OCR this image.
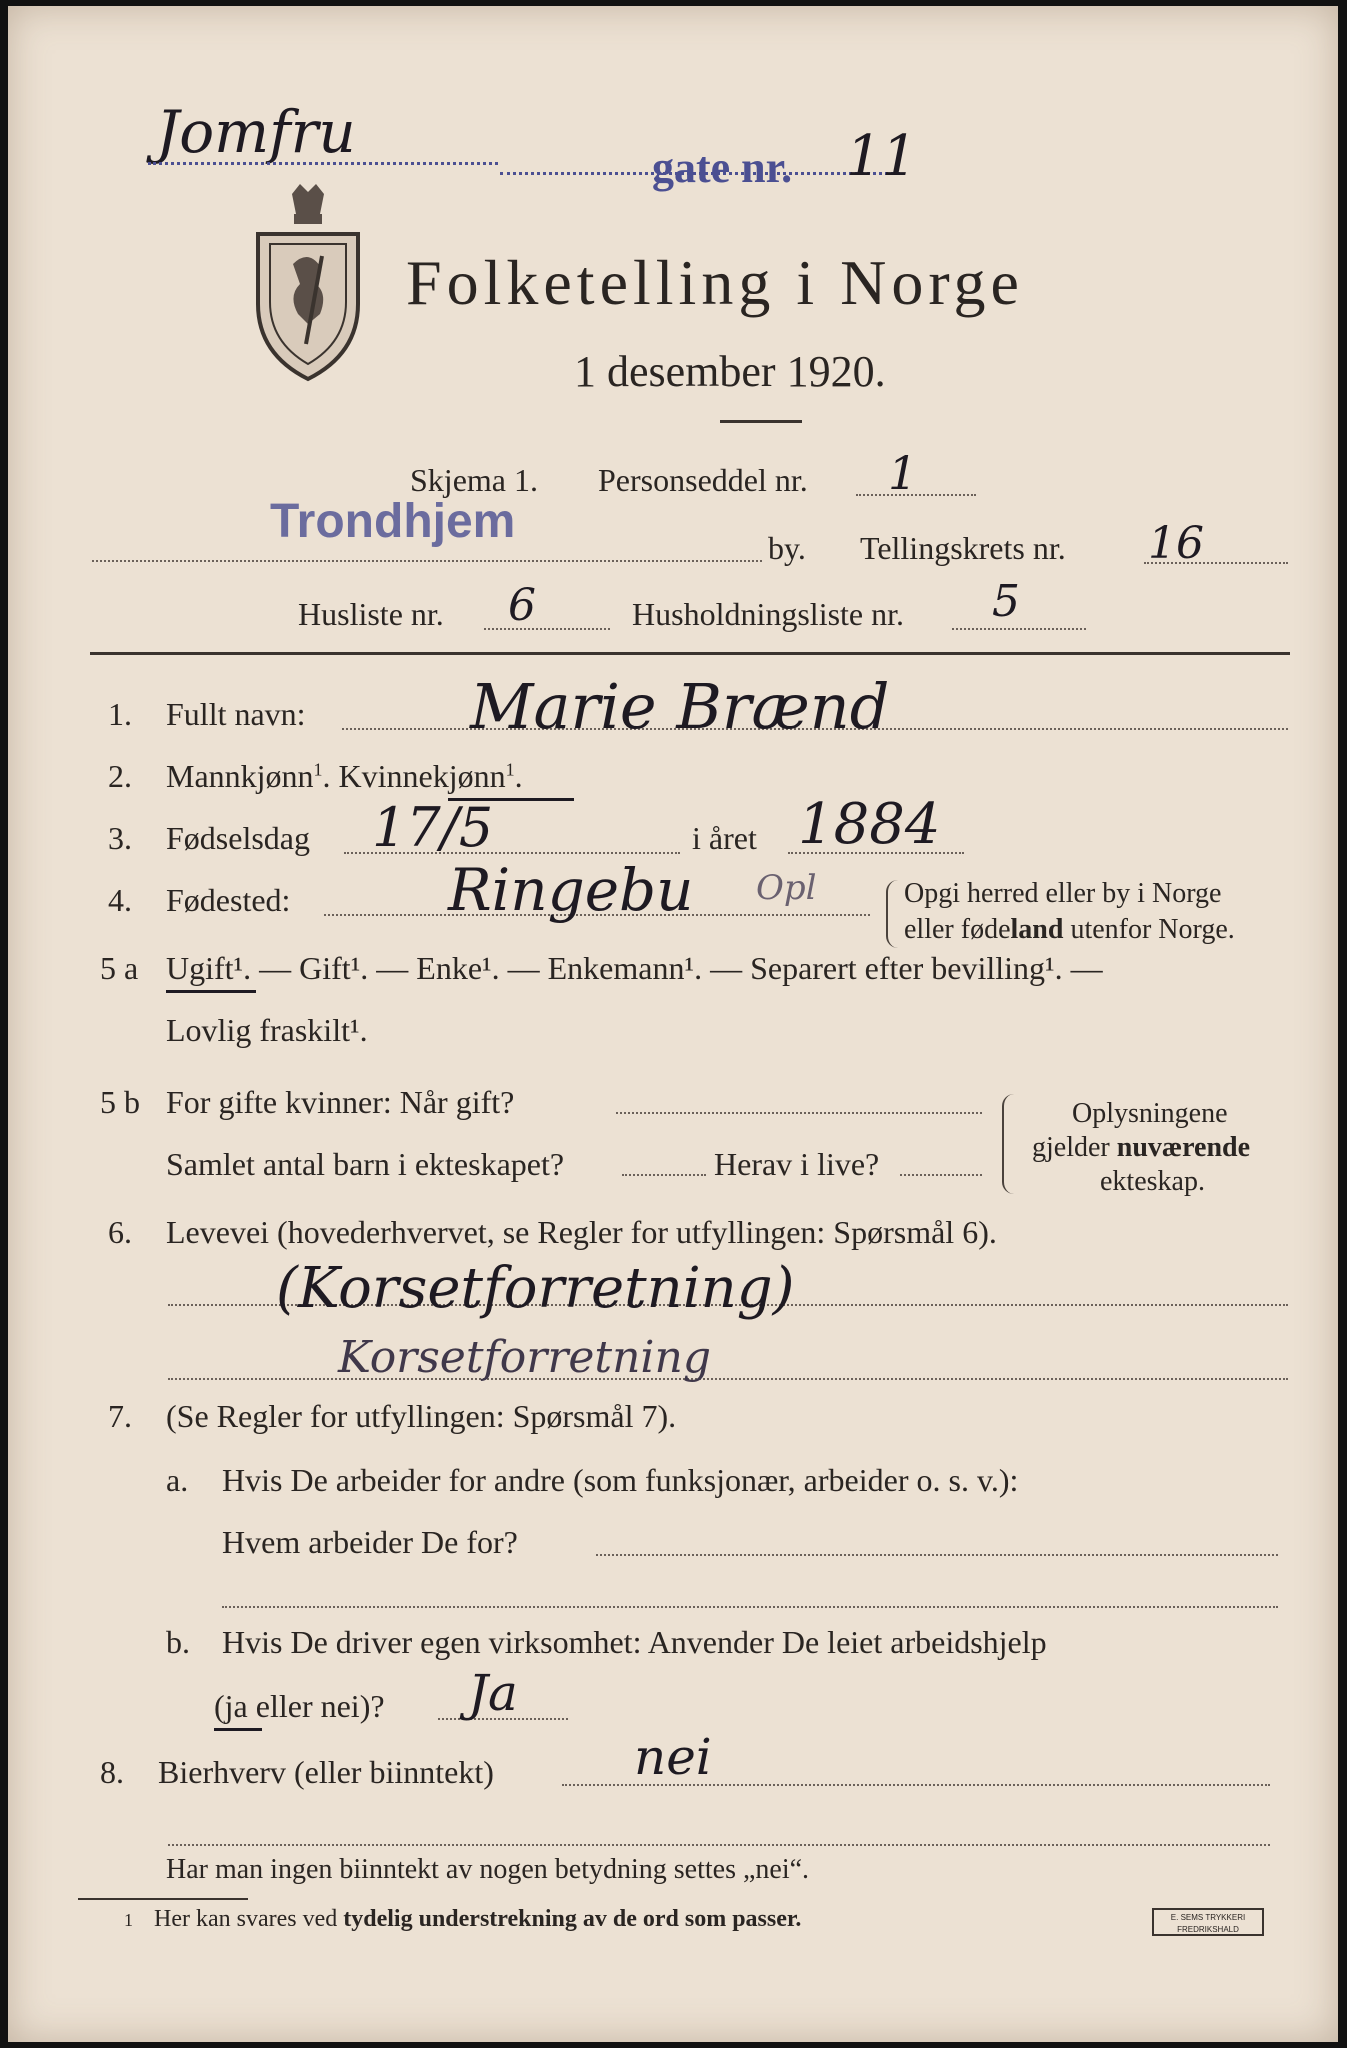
Jomfru
gate nr. 11
Folketelling i Norge
1 desember 1920.
Skjema 1. Personseddel nr. 1
Trondhjem	by. Tellingskrets nr. 16
Husliste nr. 6	Husholdningsliste nr. 5
1. Fullt navn:	Marie Brænd
2. Mannkjønn$^1$. Kvinnekjønn$^1$.
3. Fødselsdag 17/5	i året 1884
4. Fødested:	Ringebu Opl	Opgi herred eller by i Norge
eller fødeland utenfor Norge.
5 a Ugift¹. — Gift¹. — Enke¹. — Enkemann¹. — Separert efter bevilling¹. —
Lovlig fraskilt¹.
5 b For gifte kvinner: Når gift?
Samlet antal barn i ekteskapet?	Herav i live?
Oplysningene
gjelder nuværende
ekteskap.
6. Levevei (hovederhvervet, se Regler for utfyllingen: Spørsmål 6).
(Korsetforretning)
Korsetforretning
7. (Se Regler for utfyllingen: Spørsmål 7).
a. Hvis De arbeider for andre (som funksjonær, arbeider o. s. v.):
Hvem arbeider De for?
b. Hvis De driver egen virksomhet: Anvender De leiet arbeidshjelp
(ja eller nei)? Ja
8. Bierhverv (eller biinntekt)	nei
Har man ingen biinntekt av nogen betydning settes „nei“.
1 Her kan svares ved tydelig understrekning av de ord som passer.	E. SEMS TRYKKERI
FREDRIKSHALD
